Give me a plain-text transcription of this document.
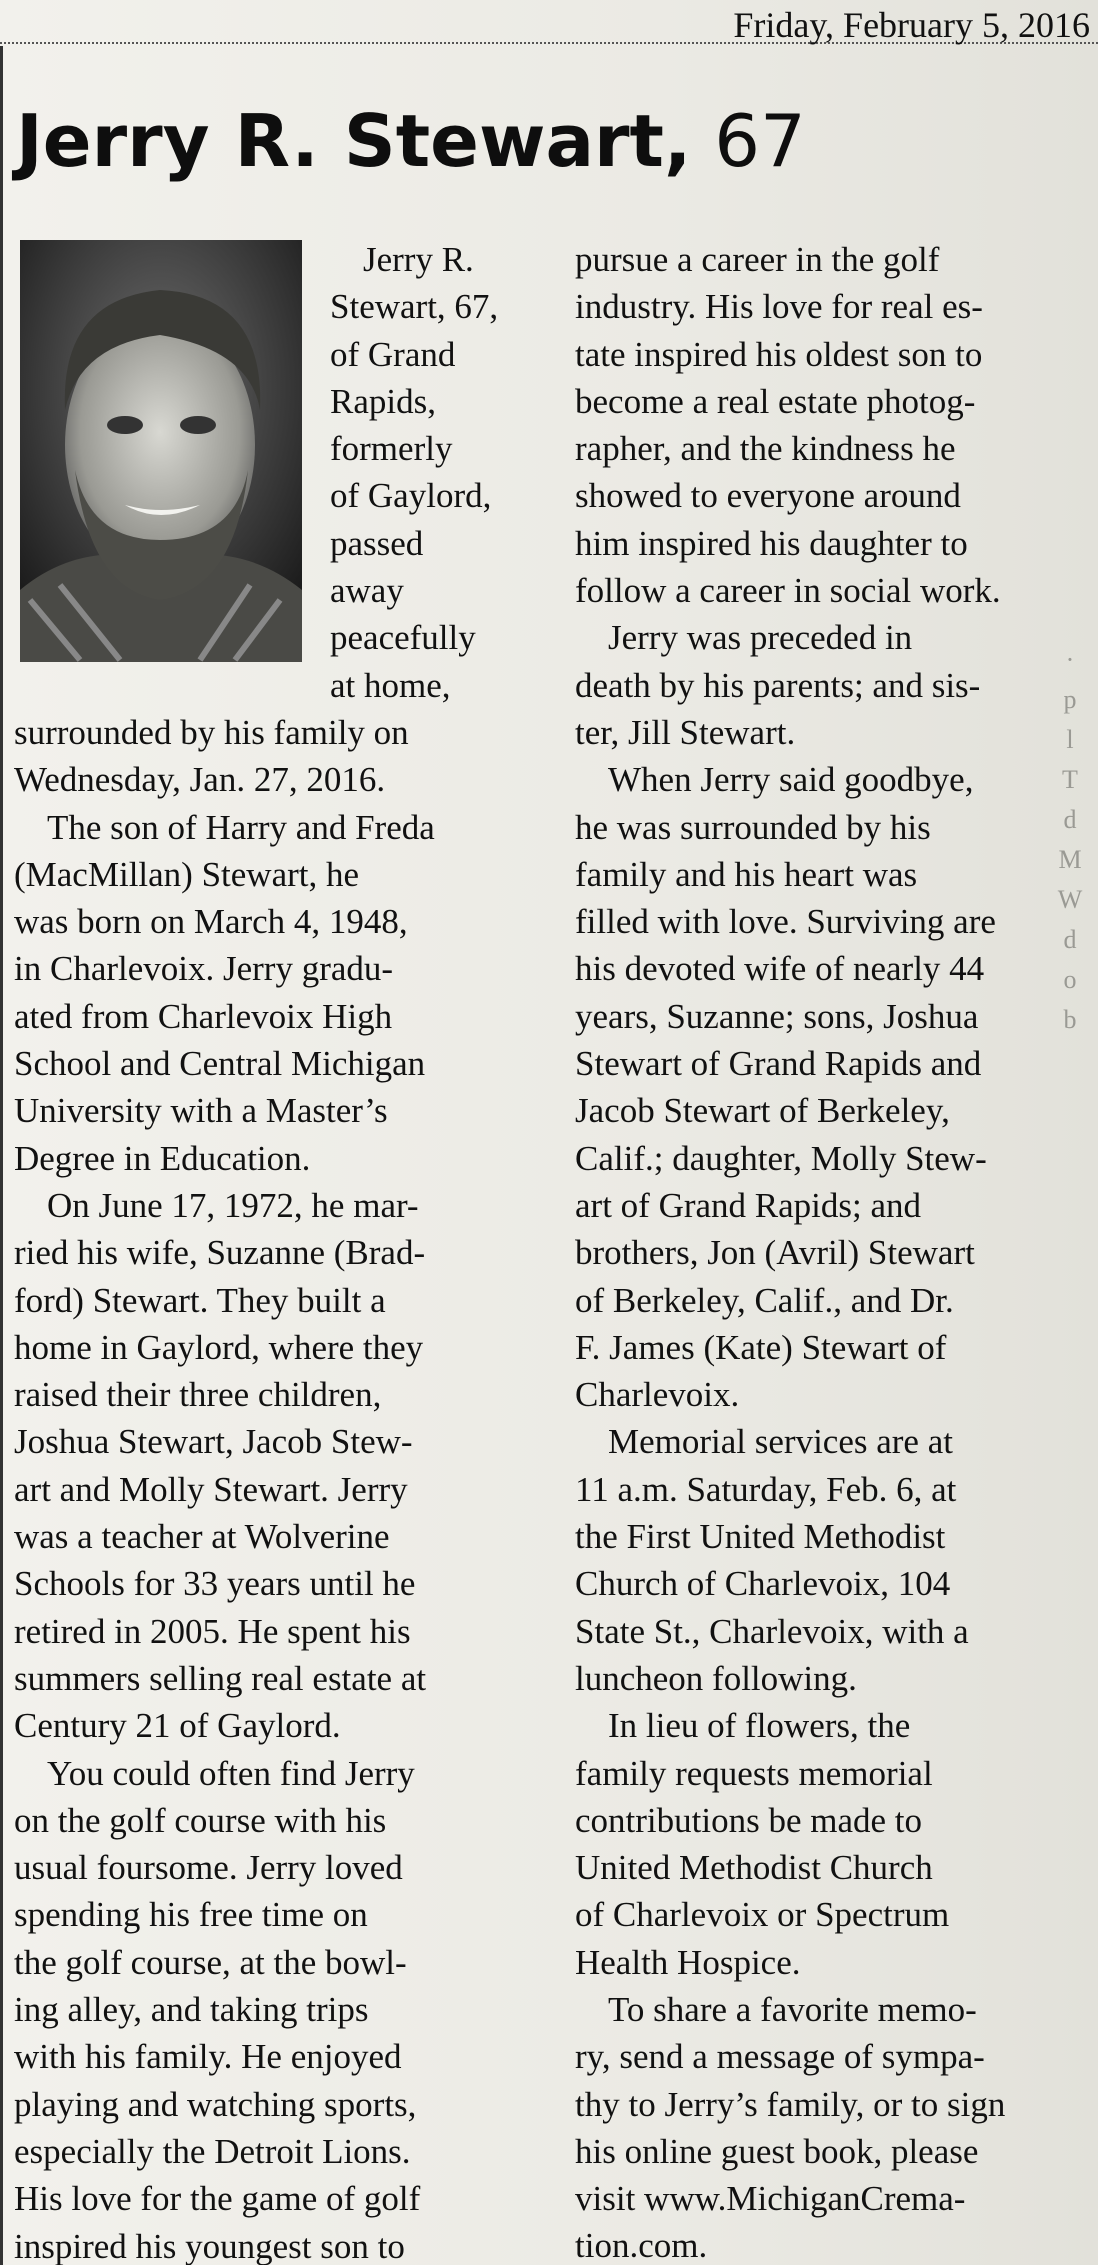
Friday, February 5, 2016
Jerry R. Stewart, 67
Jerry R.
Stewart, 67,
of Grand
Rapids,
formerly
of Gaylord,
passed
away
peacefully
at home,
surrounded by his family on
Wednesday, Jan. 27, 2016.
The son of Harry and Freda
(MacMillan) Stewart, he
was born on March 4, 1948,
in Charlevoix. Jerry gradu-
ated from Charlevoix High
School and Central Michigan
University with a Master’s
Degree in Education.
On June 17, 1972, he mar-
ried his wife, Suzanne (Brad-
ford) Stewart. They built a
home in Gaylord, where they
raised their three children,
Joshua Stewart, Jacob Stew-
art and Molly Stewart. Jerry
was a teacher at Wolverine
Schools for 33 years until he
retired in 2005. He spent his
summers selling real estate at
Century 21 of Gaylord.
You could often find Jerry
on the golf course with his
usual foursome. Jerry loved
spending his free time on
the golf course, at the bowl-
ing alley, and taking trips
with his family. He enjoyed
playing and watching sports,
especially the Detroit Lions.
His love for the game of golf
inspired his youngest son to
pursue a career in the golf
industry. His love for real es-
tate inspired his oldest son to
become a real estate photog-
rapher, and the kindness he
showed to everyone around
him inspired his daughter to
follow a career in social work.
Jerry was preceded in
death by his parents; and sis-
ter, Jill Stewart.
When Jerry said goodbye,
he was surrounded by his
family and his heart was
filled with love. Surviving are
his devoted wife of nearly 44
years, Suzanne; sons, Joshua
Stewart of Grand Rapids and
Jacob Stewart of Berkeley,
Calif.; daughter, Molly Stew-
art of Grand Rapids; and
brothers, Jon (Avril) Stewart
of Berkeley, Calif., and Dr.
F. James (Kate) Stewart of
Charlevoix.
Memorial services are at
11 a.m. Saturday, Feb. 6, at
the First United Methodist
Church of Charlevoix, 104
State St., Charlevoix, with a
luncheon following.
In lieu of flowers, the
family requests memorial
contributions be made to
United Methodist Church
of Charlevoix or Spectrum
Health Hospice.
To share a favorite memo-
ry, send a message of sympa-
thy to Jerry’s family, or to sign
his online guest book, please
visit www.MichiganCrema-
tion.com.
·
p
l
T
d
M
W
d
o
b
